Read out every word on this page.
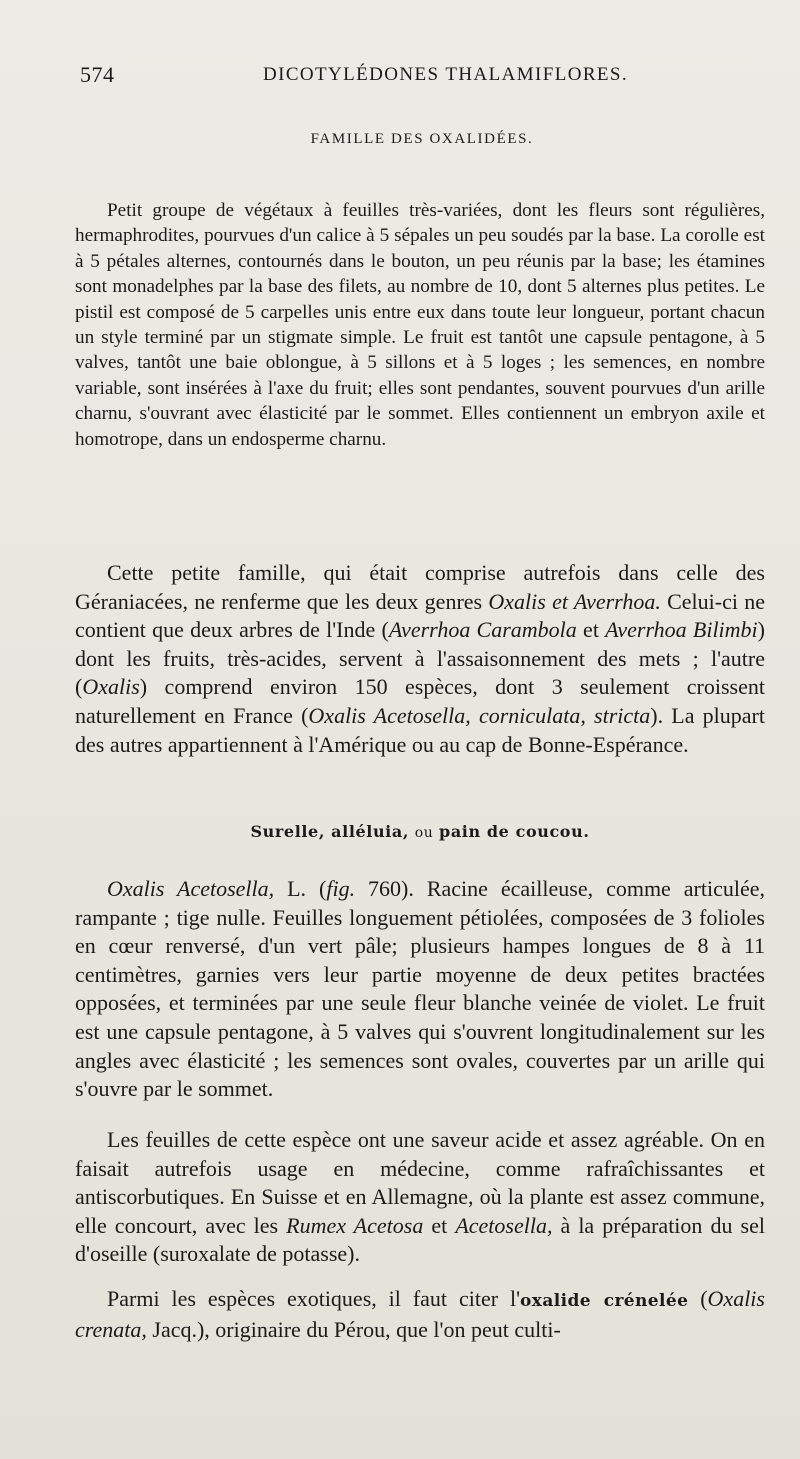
574	DICOTYLÉDONES THALAMIFLORES.
FAMILLE DES OXALIDÉES.

Petit groupe de végétaux à feuilles très-variées, dont les fleurs sont régulières, hermaphrodites, pourvues d'un calice à 5 sépales un peu soudés par la base. La corolle est à 5 pétales alternes, contournés dans le bouton, un peu réunis par la base; les étamines sont monadelphes par la base des filets, au nombre de 10, dont 5 alternes plus petites. Le pistil est composé de 5 carpelles unis entre eux dans toute leur longueur, portant chacun un style terminé par un stigmate simple. Le fruit est tantôt une capsule pentagone, à 5 valves, tantôt une baie oblongue, à 5 sillons et à 5 loges ; les semences, en nombre variable, sont insérées à l'axe du fruit; elles sont pendantes, souvent pourvues d'un arille charnu, s'ouvrant avec élasticité par le sommet. Elles contiennent un embryon axile et homotrope, dans un endosperme charnu.

Cette petite famille, qui était comprise autrefois dans celle des Géraniacées, ne renferme que les deux genres Oxalis et Averrhoa. Celui-ci ne contient que deux arbres de l'Inde (Averrhoa Carambola et Averrhoa Bilimbi) dont les fruits, très-acides, servent à l'assaisonnement des mets ; l'autre (Oxalis) comprend environ 150 espèces, dont 3 seulement croissent naturellement en France (Oxalis Acetosella, corniculata, stricta). La plupart des autres appartiennent à l'Amérique ou au cap de Bonne-Espérance.

Surelle, alléluia, ou pain de coucou.

Oxalis Acetosella, L. (fig. 760). Racine écailleuse, comme articulée, rampante ; tige nulle. Feuilles longuement pétiolées, composées de 3 folioles en cœur renversé, d'un vert pâle; plusieurs hampes longues de 8 à 11 centimètres, garnies vers leur partie moyenne de deux petites bractées opposées, et terminées par une seule fleur blanche veinée de violet. Le fruit est une capsule pentagone, à 5 valves qui s'ouvrent longitudinalement sur les angles avec élasticité ; les semences sont ovales, couvertes par un arille qui s'ouvre par le sommet.

Les feuilles de cette espèce ont une saveur acide et assez agréable. On en faisait autrefois usage en médecine, comme rafraîchissantes et antiscorbutiques. En Suisse et en Allemagne, où la plante est assez commune, elle concourt, avec les Rumex Acetosa et Acetosella, à la préparation du sel d'oseille (suroxalate de potasse).

Parmi les espèces exotiques, il faut citer l'oxalide crénelée (Oxalis crenata, Jacq.), originaire du Pérou, que l'on peut culti-
